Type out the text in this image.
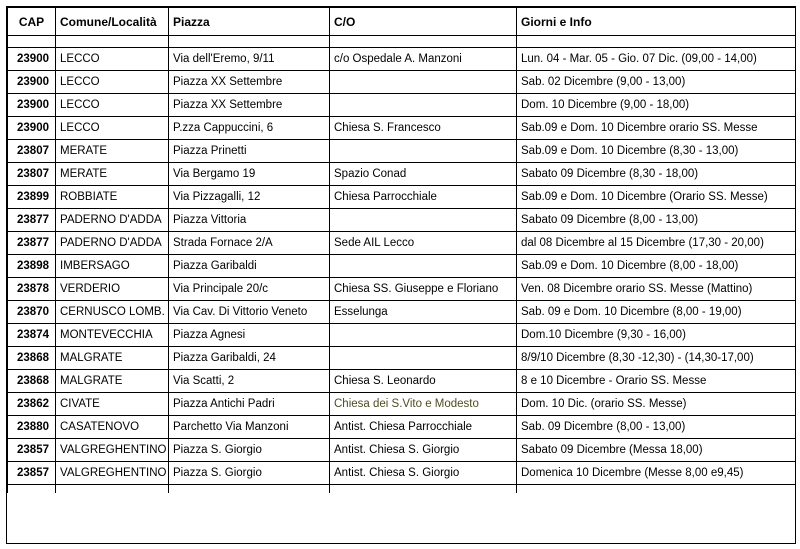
CAP	Comune/Località	Piazza	C/O	Giorni e Info

23900	LECCO	Via dell'Eremo, 9/11	c/o Ospedale A. Manzoni	Lun. 04 - Mar. 05 - Gio. 07 Dic. (09,00 - 14,00)
23900	LECCO	Piazza XX Settembre		Sab. 02 Dicembre (9,00 - 13,00)
23900	LECCO	Piazza XX Settembre		Dom. 10 Dicembre (9,00 - 18,00)
23900	LECCO	P.zza Cappuccini, 6	Chiesa S. Francesco	Sab.09 e Dom. 10 Dicembre orario SS. Messe
23807	MERATE	Piazza Prinetti		Sab.09 e Dom. 10 Dicembre (8,30 - 13,00)
23807	MERATE	Via Bergamo 19	Spazio Conad	Sabato 09 Dicembre (8,30 - 18,00)
23899	ROBBIATE	Via Pizzagalli, 12	Chiesa Parrocchiale	Sab.09 e Dom. 10 Dicembre (Orario SS. Messe)
23877	PADERNO D'ADDA	Piazza Vittoria		Sabato 09 Dicembre (8,00 - 13,00)
23877	PADERNO D'ADDA	Strada Fornace 2/A	Sede AIL Lecco	dal 08 Dicembre al 15 Dicembre (17,30 - 20,00)
23898	IMBERSAGO	Piazza Garibaldi		Sab.09 e Dom. 10 Dicembre (8,00 - 18,00)
23878	VERDERIO	Via Principale 20/c	Chiesa SS. Giuseppe e Floriano	Ven. 08 Dicembre orario SS. Messe (Mattino)
23870	CERNUSCO LOMB.	Via Cav. Di Vittorio Veneto	Esselunga	Sab. 09 e Dom. 10 Dicembre (8,00 - 19,00)
23874	MONTEVECCHIA	Piazza Agnesi		Dom.10 Dicembre (9,30 - 16,00)
23868	MALGRATE	Piazza Garibaldi, 24		8/9/10 Dicembre (8,30 -12,30) - (14,30-17,00)
23868	MALGRATE	Via Scatti, 2	Chiesa S. Leonardo	8 e 10 Dicembre - Orario SS. Messe
23862	CIVATE	Piazza Antichi Padri	Chiesa dei S.Vito e Modesto	Dom. 10 Dic. (orario SS. Messe)
23880	CASATENOVO	Parchetto Via Manzoni	Antist. Chiesa Parrocchiale	Sab. 09 Dicembre (8,00 - 13,00)
23857	VALGREGHENTINO	Piazza S. Giorgio	Antist. Chiesa S. Giorgio	Sabato 09 Dicembre (Messa 18,00)
23857	VALGREGHENTINO	Piazza S. Giorgio	Antist. Chiesa S. Giorgio	Domenica 10 Dicembre (Messe 8,00 e9,45)
